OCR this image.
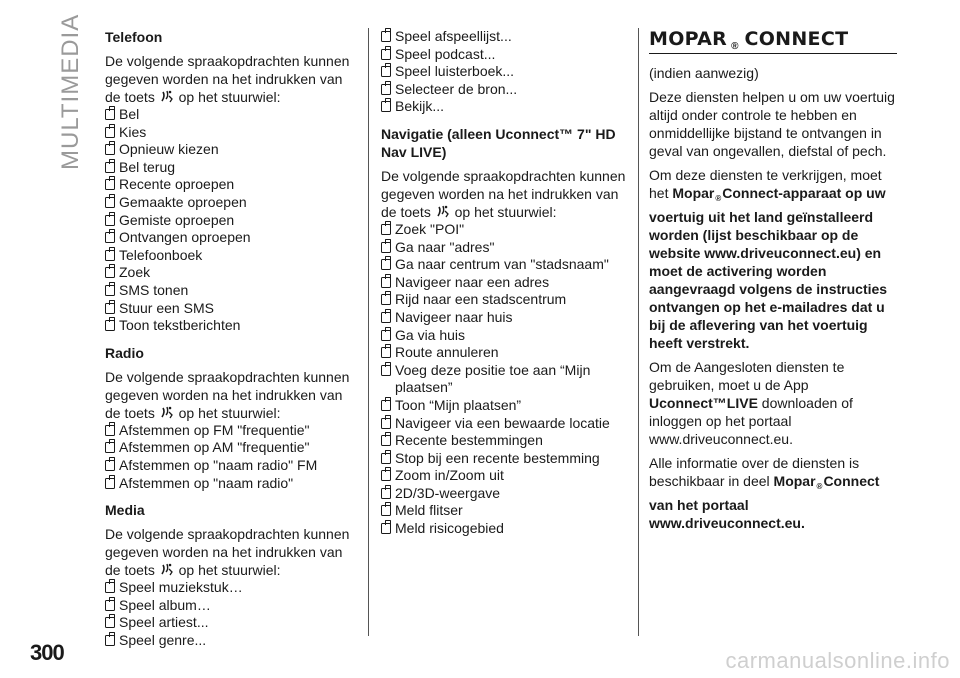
MULTIMEDIA
300	carmanualsonline.info
Telefoon
De volgende spraakopdrachten kunnen gegeven worden na het indrukken van de toets op het stuurwiel:
Bel
Kies
Opnieuw kiezen
Bel terug
Recente oproepen
Gemaakte oproepen
Gemiste oproepen
Ontvangen oproepen
Telefoonboek
Zoek
SMS tonen
Stuur een SMS
Toon tekstberichten
Radio
De volgende spraakopdrachten kunnen gegeven worden na het indrukken van de toets op het stuurwiel:
Afstemmen op FM "frequentie"
Afstemmen op AM "frequentie"
Afstemmen op "naam radio" FM
Afstemmen op "naam radio"
Media
De volgende spraakopdrachten kunnen gegeven worden na het indrukken van de toets op het stuurwiel:
Speel muziekstuk…
Speel album…
Speel artiest...
Speel genre...
Speel afspeellijst...
Speel podcast...
Speel luisterboek...
Selecteer de bron...
Bekijk...
Navigatie (alleen Uconnect™ 7" HD Nav LIVE)
De volgende spraakopdrachten kunnen gegeven worden na het indrukken van de toets op het stuurwiel:
Zoek "POI"
Ga naar "adres"
Ga naar centrum van "stadsnaam"
Navigeer naar een adres
Rijd naar een stadscentrum
Navigeer naar huis
Ga via huis
Route annuleren
Voeg deze positie toe aan “Mijn plaatsen”
Toon “Mijn plaatsen”
Navigeer via een bewaarde locatie
Recente bestemmingen
Stop bij een recente bestemming
Zoom in/Zoom uit
2D/3D-weergave
Meld flitser
Meld risicogebied
MOPAR ® CONNECT
(indien aanwezig)
Deze diensten helpen u om uw voertuig altijd onder controle te hebben en onmiddellijke bijstand te ontvangen in geval van ongevallen, diefstal of pech.
Om deze diensten te verkrijgen, moet het Mopar®Connect-apparaat op uw voertuig uit het land geïnstalleerd worden (lijst beschikbaar op de website www.driveuconnect.eu) en moet de activering worden aangevraagd volgens de instructies ontvangen op het e-mailadres dat u bij de aflevering van het voertuig heeft verstrekt.
Om de Aangesloten diensten te gebruiken, moet u de App Uconnect™LIVE downloaden of inloggen op het portaal www.driveuconnect.eu.
Alle informatie over de diensten is beschikbaar in deel Mopar®Connect van het portaal www.driveuconnect.eu.
